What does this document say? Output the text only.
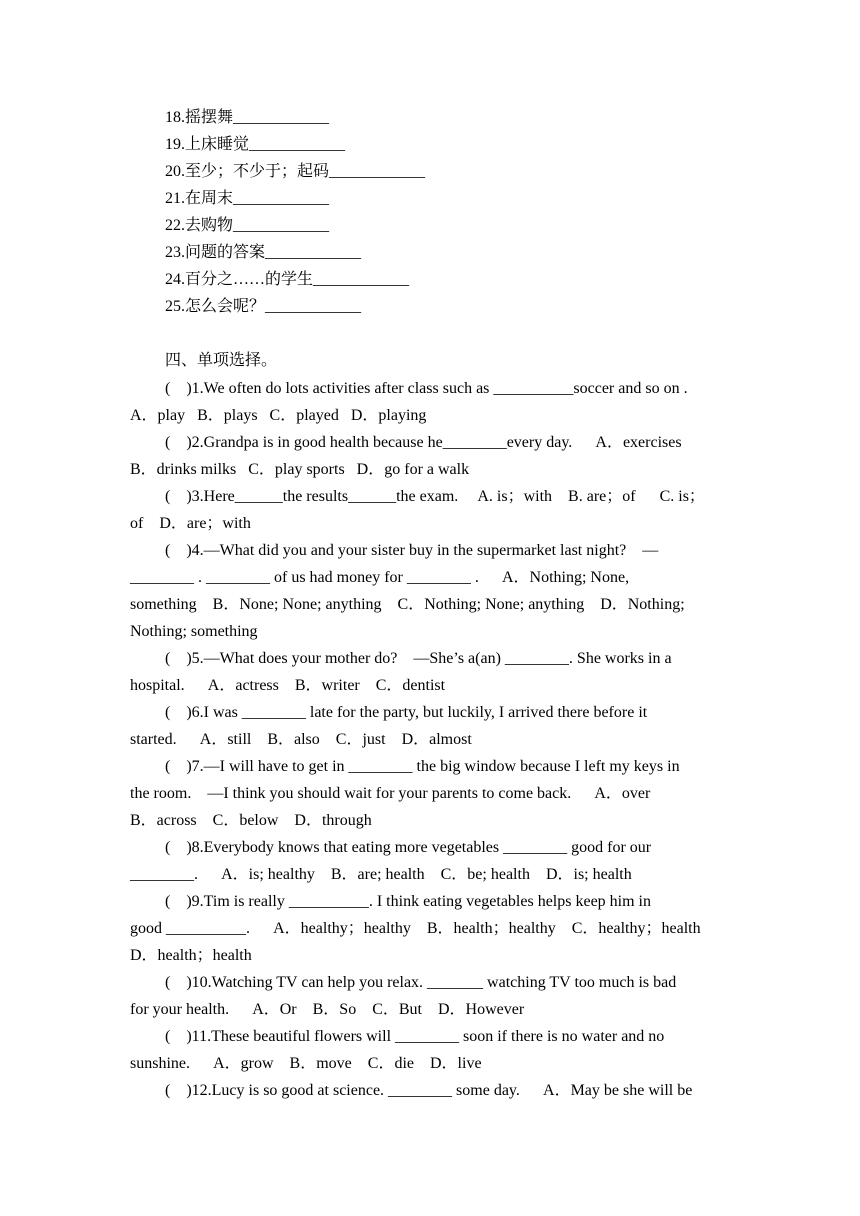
18.摇摆舞____________
19.上床睡觉____________
20.至少；不少于；起码____________
21.在周末____________
22.去购物____________
23.问题的答案____________
24.百分之……的学生____________
25.怎么会呢？____________
四、单项选择。
(    )1.We often do lots activities after class such as __________soccer and so on .
A．play   B．plays   C．played   D．playing
(    )2.Grandpa is in good health because he________every day.      A．exercises
B．drinks milks   C．play sports   D．go for a walk
(    )3.Here______the results______the exam.     A. is；with    B. are；of      C. is；
of    D．are；with
(    )4.—What did you and your sister buy in the supermarket last night?    —
________ . ________ of us had money for ________ .      A．Nothing; None,
something    B．None; None; anything    C．Nothing; None; anything    D．Nothing;
Nothing; something
(    )5.—What does your mother do?    —She’s a(an) ________. She works in a
hospital.      A．actress    B．writer    C．dentist
(    )6.I was ________ late for the party, but luckily, I arrived there before it
started.      A．still    B．also    C．just    D．almost
(    )7.—I will have to get in ________ the big window because I left my keys in
the room.    —I think you should wait for your parents to come back.      A．over
B．across    C．below    D．through
(    )8.Everybody knows that eating more vegetables ________ good for our
________.      A．is; healthy    B．are; health    C．be; health    D．is; health
(    )9.Tim is really __________. I think eating vegetables helps keep him in
good __________.      A．healthy；healthy    B．health；healthy    C．healthy；health
D．health；health
(    )10.Watching TV can help you relax. _______ watching TV too much is bad
for your health.      A．Or    B．So    C．But    D．However
(    )11.These beautiful flowers will ________ soon if there is no water and no
sunshine.      A．grow    B．move    C．die    D．live
(    )12.Lucy is so good at science. ________ some day.      A．May be she will be
